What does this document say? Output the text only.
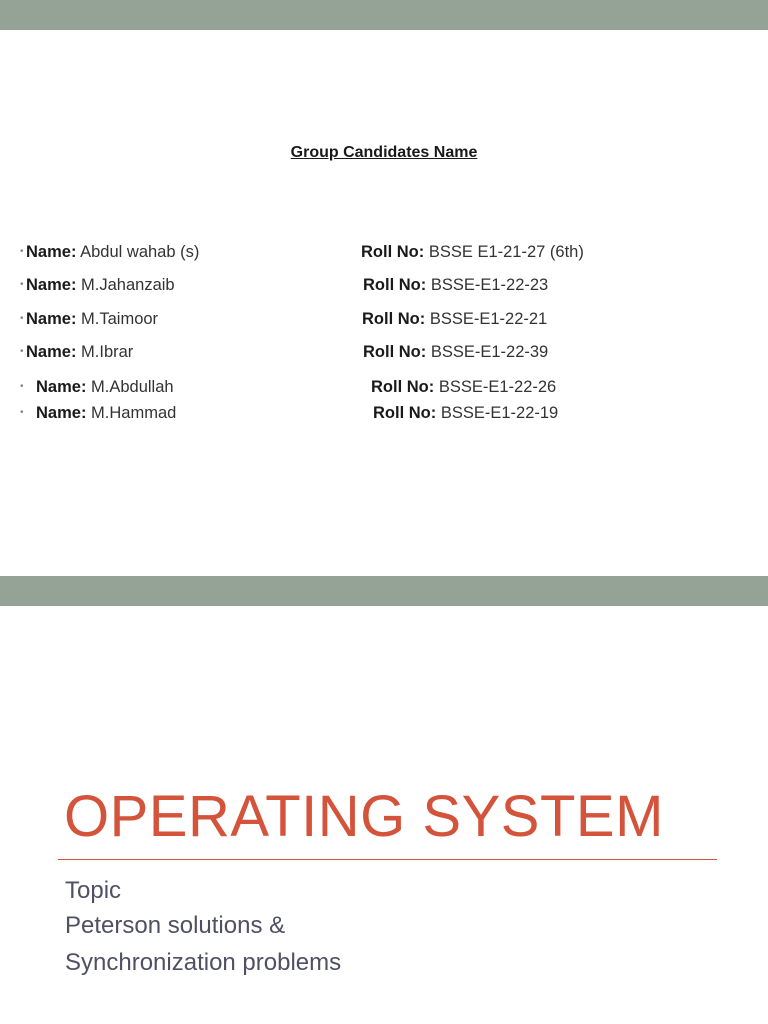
Group Candidates Name
• Name: Abdul wahab (s)	Roll No: BSSE E1-21-27 (6th)
• Name: M.Jahanzaib	Roll No: BSSE-E1-22-23
• Name: M.Taimoor	Roll No: BSSE-E1-22-21
• Name: M.Ibrar	Roll No: BSSE-E1-22-39
• Name: M.Abdullah	Roll No: BSSE-E1-22-26
• Name: M.Hammad	Roll No: BSSE-E1-22-19
OPERATING SYSTEM
Topic
Peterson solutions &
Synchronization problems
